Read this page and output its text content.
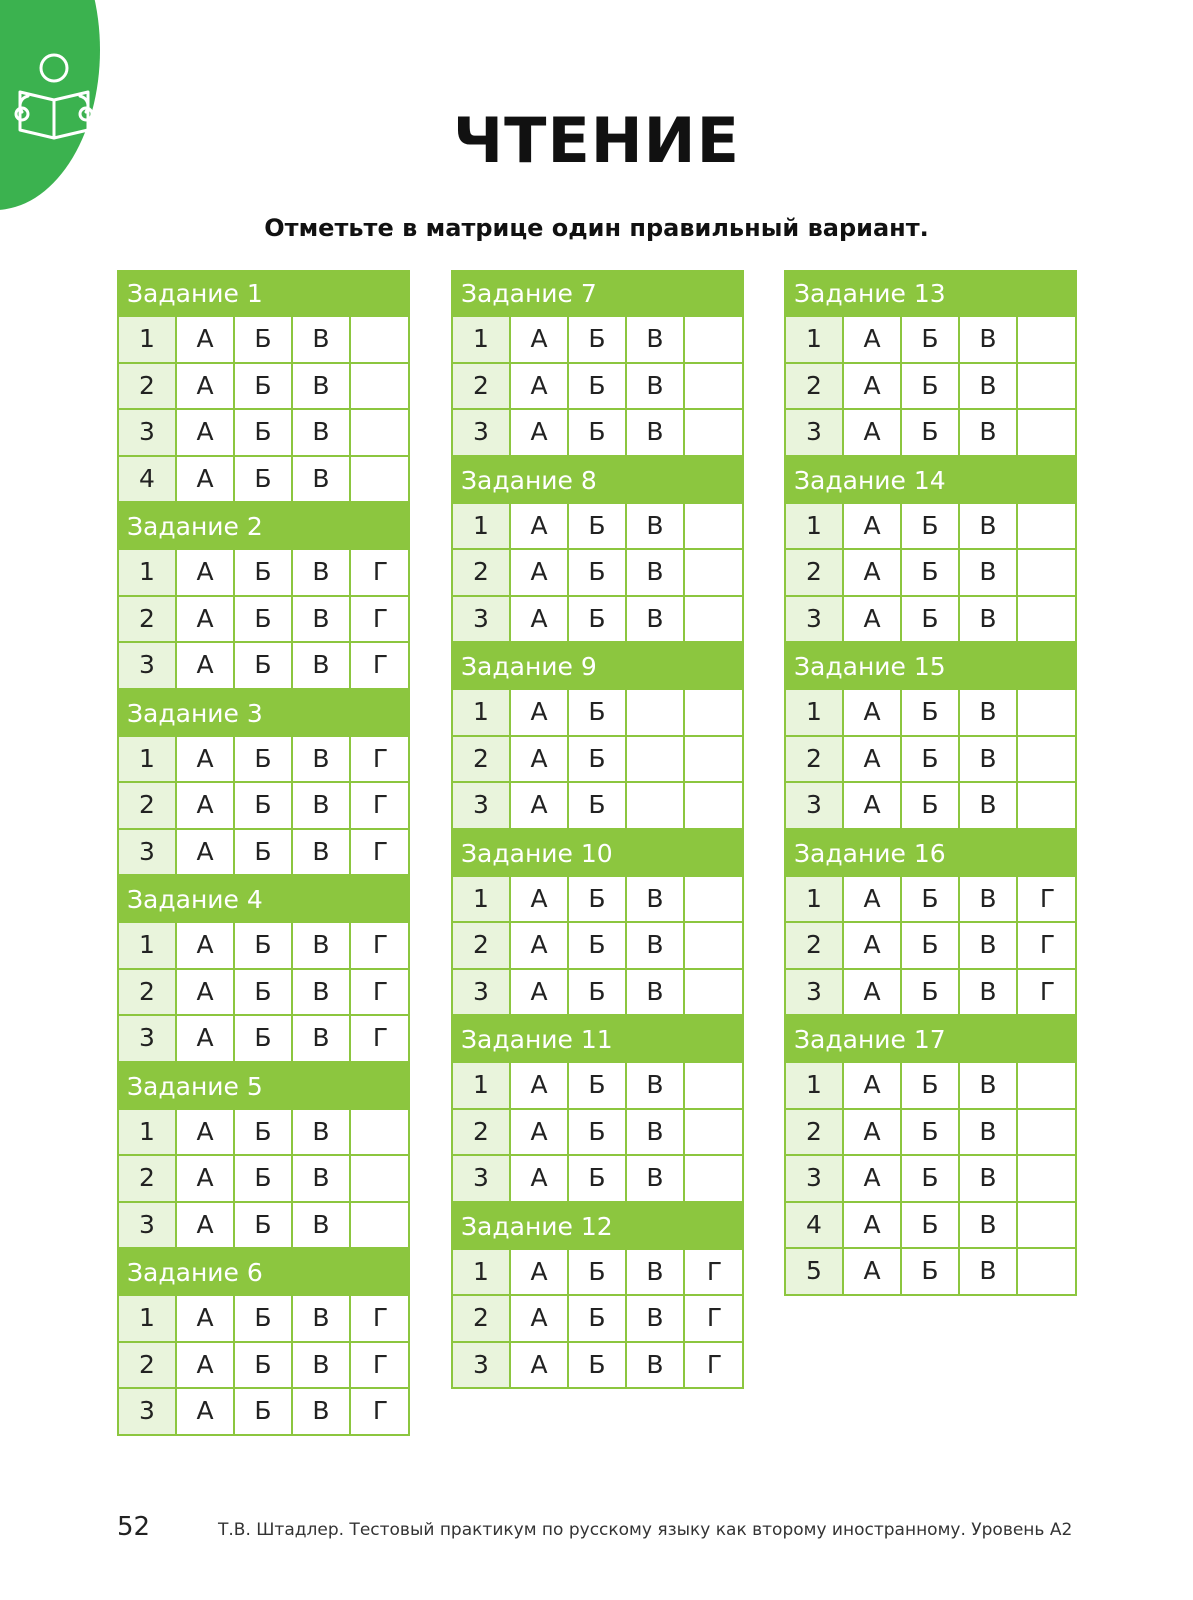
ЧТЕНИЕ
Отметьте в матрице один правильный вариант.
Задание 1
1	А	Б	В
2	А	Б	В
3	А	Б	В
4	А	Б	В
Задание 2
1	А	Б	В	Г
2	А	Б	В	Г
3	А	Б	В	Г
Задание 3
1	А	Б	В	Г
2	А	Б	В	Г
3	А	Б	В	Г
Задание 4
1	А	Б	В	Г
2	А	Б	В	Г
3	А	Б	В	Г
Задание 5
1	А	Б	В
2	А	Б	В
3	А	Б	В
Задание 6
1	А	Б	В	Г
2	А	Б	В	Г
3	А	Б	В	Г
Задание 7
1	А	Б	В
2	А	Б	В
3	А	Б	В
Задание 8
1	А	Б	В
2	А	Б	В
3	А	Б	В
Задание 9
1	А	Б
2	А	Б
3	А	Б
Задание 10
1	А	Б	В
2	А	Б	В
3	А	Б	В
Задание 11
1	А	Б	В
2	А	Б	В
3	А	Б	В
Задание 12
1	А	Б	В	Г
2	А	Б	В	Г
3	А	Б	В	Г
Задание 13
1	А	Б	В
2	А	Б	В
3	А	Б	В
Задание 14
1	А	Б	В
2	А	Б	В
3	А	Б	В
Задание 15
1	А	Б	В
2	А	Б	В
3	А	Б	В
Задание 16
1	А	Б	В	Г
2	А	Б	В	Г
3	А	Б	В	Г
Задание 17
1	А	Б	В
2	А	Б	В
3	А	Б	В
4	А	Б	В
5	А	Б	В
52	Т.В. Штадлер. Тестовый практикум по русскому языку как второму иностранному. Уровень А2
